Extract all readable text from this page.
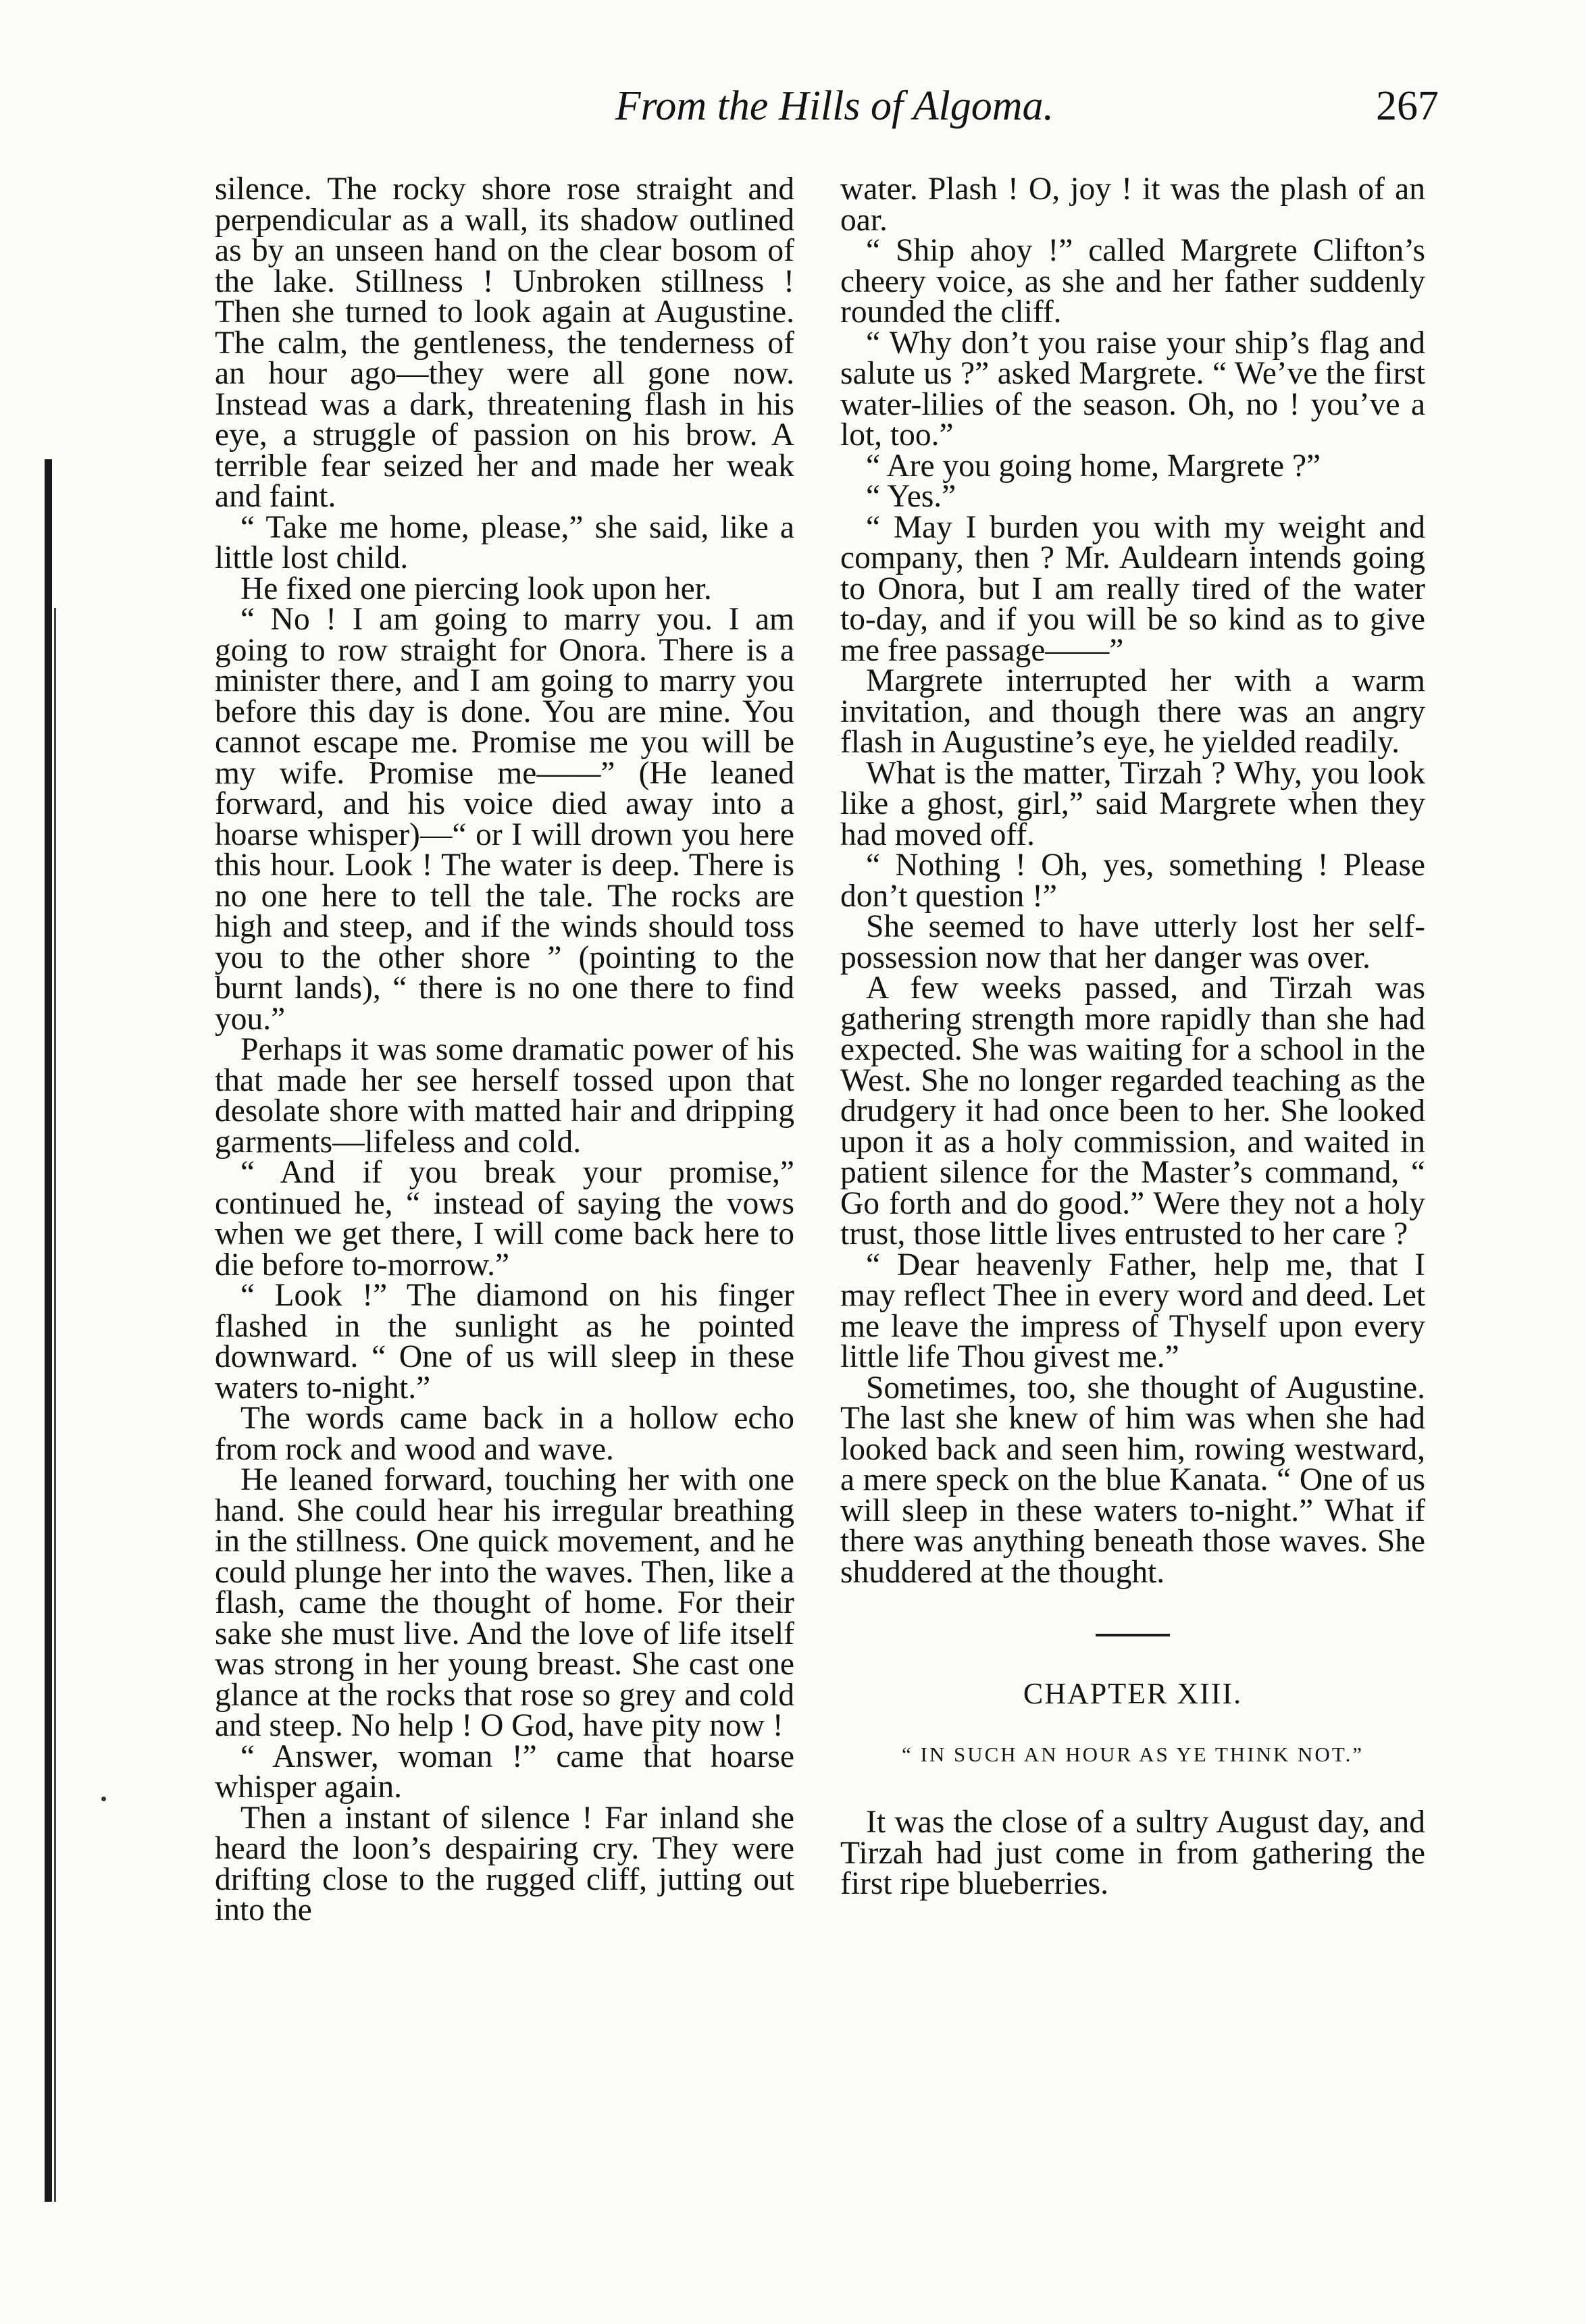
From the Hills of Algoma.	267

silence. The rocky shore rose straight and perpendicular as a wall, its shadow outlined as by an unseen hand on the clear bosom of the lake. Stillness ! Unbroken stillness ! Then she turned to look again at Augustine. The calm, the gentleness, the tenderness of an hour ago—they were all gone now. Instead was a dark, threatening flash in his eye, a struggle of passion on his brow. A terrible fear seized her and made her weak and faint.

“ Take me home, please,” she said, like a little lost child.

He fixed one piercing look upon her.

“ No ! I am going to marry you. I am going to row straight for Onora. There is a minister there, and I am going to marry you before this day is done. You are mine. You cannot escape me. Promise me you will be my wife. Promise me——” (He leaned forward, and his voice died away into a hoarse whisper)—“ or I will drown you here this hour. Look ! The water is deep. There is no one here to tell the tale. The rocks are high and steep, and if the winds should toss you to the other shore ” (pointing to the burnt lands), “ there is no one there to find you.”

Perhaps it was some dramatic power of his that made her see herself tossed upon that desolate shore with matted hair and dripping garments—lifeless and cold.

“ And if you break your promise,” continued he, “ instead of saying the vows when we get there, I will come back here to die before to-morrow.”

“ Look !” The diamond on his finger flashed in the sunlight as he pointed downward. “ One of us will sleep in these waters to-night.”

The words came back in a hollow echo from rock and wood and wave.

He leaned forward, touching her with one hand. She could hear his irregular breathing in the stillness. One quick movement, and he could plunge her into the waves. Then, like a flash, came the thought of home. For their sake she must live. And the love of life itself was strong in her young breast. She cast one glance at the rocks that rose so grey and cold and steep. No help ! O God, have pity now !

“ Answer, woman !” came that hoarse whisper again.

Then a instant of silence ! Far inland she heard the loon’s despairing cry. They were drifting close to the rugged cliff, jutting out into the

water. Plash ! O, joy ! it was the plash of an oar.

“ Ship ahoy !” called Margrete Clifton’s cheery voice, as she and her father suddenly rounded the cliff.

“ Why don’t you raise your ship’s flag and salute us ?” asked Margrete. “ We’ve the first water-lilies of the season. Oh, no ! you’ve a lot, too.”

“ Are you going home, Margrete ?”

“ Yes.”

“ May I burden you with my weight and company, then ? Mr. Auldearn intends going to Onora, but I am really tired of the water to-day, and if you will be so kind as to give me free passage——”

Margrete interrupted her with a warm invitation, and though there was an angry flash in Augustine’s eye, he yielded readily.

What is the matter, Tirzah ? Why, you look like a ghost, girl,” said Margrete when they had moved off.

“ Nothing ! Oh, yes, something ! Please don’t question !”

She seemed to have utterly lost her self-possession now that her danger was over.

A few weeks passed, and Tirzah was gathering strength more rapidly than she had expected. She was waiting for a school in the West. She no longer regarded teaching as the drudgery it had once been to her. She looked upon it as a holy commission, and waited in patient silence for the Master’s command, “ Go forth and do good.” Were they not a holy trust, those little lives entrusted to her care ?

“ Dear heavenly Father, help me, that I may reflect Thee in every word and deed. Let me leave the impress of Thyself upon every little life Thou givest me.”

Sometimes, too, she thought of Augustine. The last she knew of him was when she had looked back and seen him, rowing westward, a mere speck on the blue Kanata. “ One of us will sleep in these waters to-night.” What if there was anything beneath those waves. She shuddered at the thought.

CHAPTER XIII.
“ IN SUCH AN HOUR AS YE THINK NOT.”

It was the close of a sultry August day, and Tirzah had just come in from gathering the first ripe blueberries.
